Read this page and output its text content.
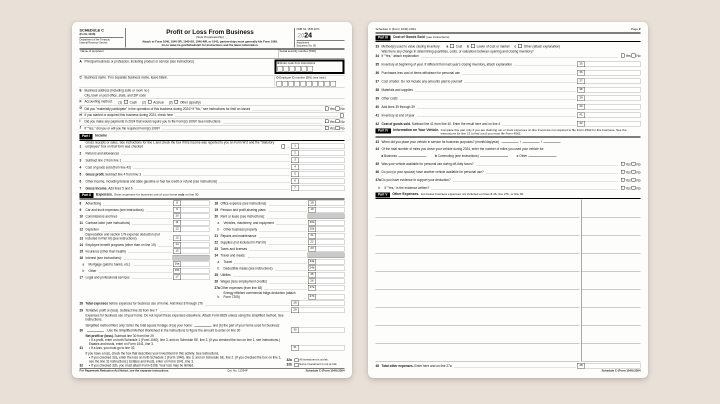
SCHEDULE C
(Form 1040)
Department of the Treasury
Internal Revenue Service
Profit or Loss From Business
(Sole Proprietorship)
Attach to Form 1040, 1040-SR, 1040-SS, 1040-NR, or 1041; partnerships must generally file Form 1065.
Go to www.irs.gov/ScheduleC for instructions and the latest information.
OMB No. 1545-0074
2024
Attachment
Sequence No. 09
Name of proprietor	Social security number (SSN)
A Principal business or profession, including product or service (see instructions)	B Enter code from instructions
C Business name. If no separate business name, leave blank.	D Employer ID number (EIN) (see instr.)
E Business address (including suite or room no.)
City, town or post office, state, and ZIP code
F Accounting method: (1)  Cash (2)  Accrual (3)  Other (specify)
G Did you "materially participate" in the operation of this business during 2024? If "No," see instructions for limit on losses	Yes No
H If you started or acquired this business during 2024, check here
I Did you make any payments in 2024 that would require you to file Form(s) 1099? See instructions	Yes No
J If "Yes," did you or will you file required Form(s) 1099?	Yes No
Part I Income
1
Gross receipts or sales. See instructions for line 1 and check the box if this income was reported to you on Form W-2 and the "Statutory employee" box on that form was checked	1
2 Returns and allowances	2
3 Subtract line 2 from line 1	3
4 Cost of goods sold (from line 42)	4
5 Gross profit. Subtract line 4 from line 3	5
6 Other income, including federal and state gasoline or fuel tax credit or refund (see instructions)	6
7 Gross income. Add lines 5 and 6	7
Part II Expenses. Enter expenses for business use of your home only on line 30.
8 Advertising	8
9 Car and truck expenses (see instructions)	9
10 Commissions and fees	10
11 Contract labor (see instructions)	11
12 Depletion	12
13
Depreciation and section 179 expense deduction (not included in Part III) (see instructions)	13
14 Employee benefit programs (other than on line 19)	14
15 Insurance (other than health)	15
16 Interest (see instructions):
a Mortgage (paid to banks, etc.)	16a
b Other	16b
17 Legal and professional services	17
18 Office expense (see instructions)	18
19 Pension and profit-sharing plans	19
20 Rent or lease (see instructions):
a Vehicles, machinery, and equipment	20a
b Other business property	20b
21 Repairs and maintenance	21
22 Supplies (not included in Part III)	22
23 Taxes and licenses	23
24 Travel and meals:
a Travel	24a
b Deductible meals (see instructions)	24b
25 Utilities	25
26 Wages (less employment credits)	26
27a Other expenses (from line 48)	27a
b
Energy efficient commercial bldgs deduction (attach Form 7205)	27b
28 Total expenses before expenses for business use of home. Add lines 8 through 27b	28
29 Tentative profit or (loss). Subtract line 28 from line 7	29
30
Expenses for business use of your home. Do not report these expenses elsewhere. Attach Form 8829 unless using the simplified method. See instructions.
Simplified method filers only: Enter the total square footage of (a) your home:	and (b) the part of your home used for business:. Use the Simplified Method Worksheet in the instructions to figure the amount to enter on line 30	30
31
Net profit or (loss). Subtract line 30 from line 29.
• If a profit, enter on both Schedule 1 (Form 1040), line 3, and on Schedule SE, line 2. (If you checked the box on line 1, see instructions.) Estates and trusts, enter on Form 1041, line 3.
• If a loss, you must go to line 32.	31
32
If you have a loss, check the box that describes your investment in this activity. See instructions.
• If you checked 32a, enter the loss on both Schedule 1 (Form 1040), line 3, and on Schedule SE, line 2. (If you checked the box on line 1, see the line 31 instructions.) Estates and trusts, enter on Form 1041, line 3.
• If you checked 32b, you must attach Form 6198. Your loss may be limited.
32a	All investment is at risk.
32b Some investment is not at risk.
For Paperwork Reduction Act Notice, see the separate instructions.	Cat. No. 11334P	Schedule C (Form 1040) 2024
Schedule C (Form 1040) 2024	Page 2
Part III Cost of Goods Sold (see instructions)
33 Method(s) used to value closing inventory: a  Cost b  Lower of cost or market c  Other (attach explanation)
34
Was there any change in determining quantities, costs, or valuations between opening and closing inventory?
If "Yes," attach explanation	Yes No
35 Inventory at beginning of year. If different from last year's closing inventory, attach explanation	35
36 Purchases less cost of items withdrawn for personal use	36
37 Cost of labor. Do not include any amounts paid to yourself	37
38 Materials and supplies	38
39 Other costs	39
40 Add lines 35 through 39	40
41 Inventory at end of year	41
42 Cost of goods sold. Subtract line 41 from line 40. Enter the result here and on line 4	42
Part IV Information on Your Vehicle. Complete this part only if you are claiming car or truck expenses on line 9 and are not required to file Form 4562 for this business. See the instructions for line 13 to find out if you must file Form 4562.
43 When did you place your vehicle in service for business purposes? (month/day/year)	/	/
44 Of the total number of miles you drove your vehicle during 2024, enter the number of miles you used your vehicle for:
a Business	b Commuting (see instructions)	c Other
45 Was your vehicle available for personal use during off-duty hours?	Yes No
46 Do you (or your spouse) have another vehicle available for personal use?	Yes No
47a Do you have evidence to support your deduction?	Yes No
b If "Yes," is the evidence written?	Yes No
Part V Other Expenses. List below business expenses not included on lines 8-26, line 27b, or line 30.
48 Total other expenses. Enter here and on line 27a	48
Schedule C (Form 1040) 2024
